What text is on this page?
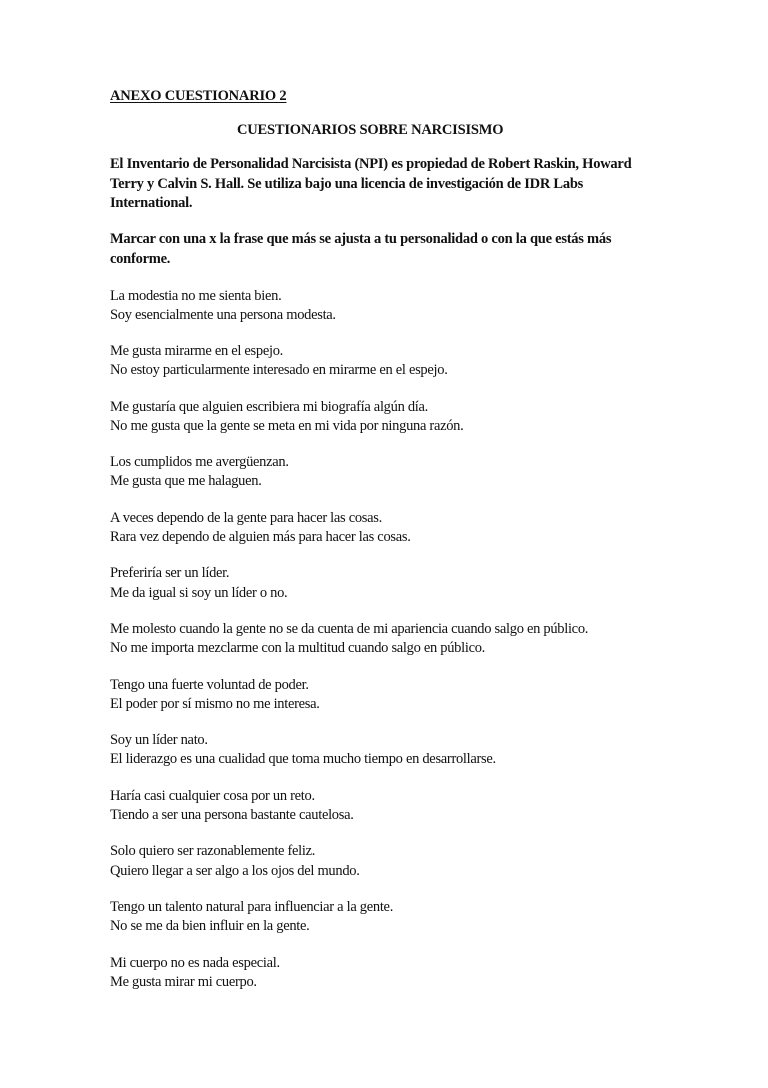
ANEXO CUESTIONARIO 2
CUESTIONARIOS SOBRE NARCISISMO

El Inventario de Personalidad Narcisista (NPI) es propiedad de Robert Raskin, Howard Terry y Calvin S. Hall. Se utiliza bajo una licencia de investigación de IDR Labs International.

Marcar con una x la frase que más se ajusta a tu personalidad o con la que estás más conforme.

La modestia no me sienta bien.
Soy esencialmente una persona modesta.
Me gusta mirarme en el espejo.
No estoy particularmente interesado en mirarme en el espejo.
Me gustaría que alguien escribiera mi biografía algún día.
No me gusta que la gente se meta en mi vida por ninguna razón.
Los cumplidos me avergüenzan.
Me gusta que me halaguen.
A veces dependo de la gente para hacer las cosas.
Rara vez dependo de alguien más para hacer las cosas.
Preferiría ser un líder.
Me da igual si soy un líder o no.
Me molesto cuando la gente no se da cuenta de mi apariencia cuando salgo en público.
No me importa mezclarme con la multitud cuando salgo en público.
Tengo una fuerte voluntad de poder.
El poder por sí mismo no me interesa.
Soy un líder nato.
El liderazgo es una cualidad que toma mucho tiempo en desarrollarse.
Haría casi cualquier cosa por un reto.
Tiendo a ser una persona bastante cautelosa.
Solo quiero ser razonablemente feliz.
Quiero llegar a ser algo a los ojos del mundo.
Tengo un talento natural para influenciar a la gente.
No se me da bien influir en la gente.
Mi cuerpo no es nada especial.
Me gusta mirar mi cuerpo.
